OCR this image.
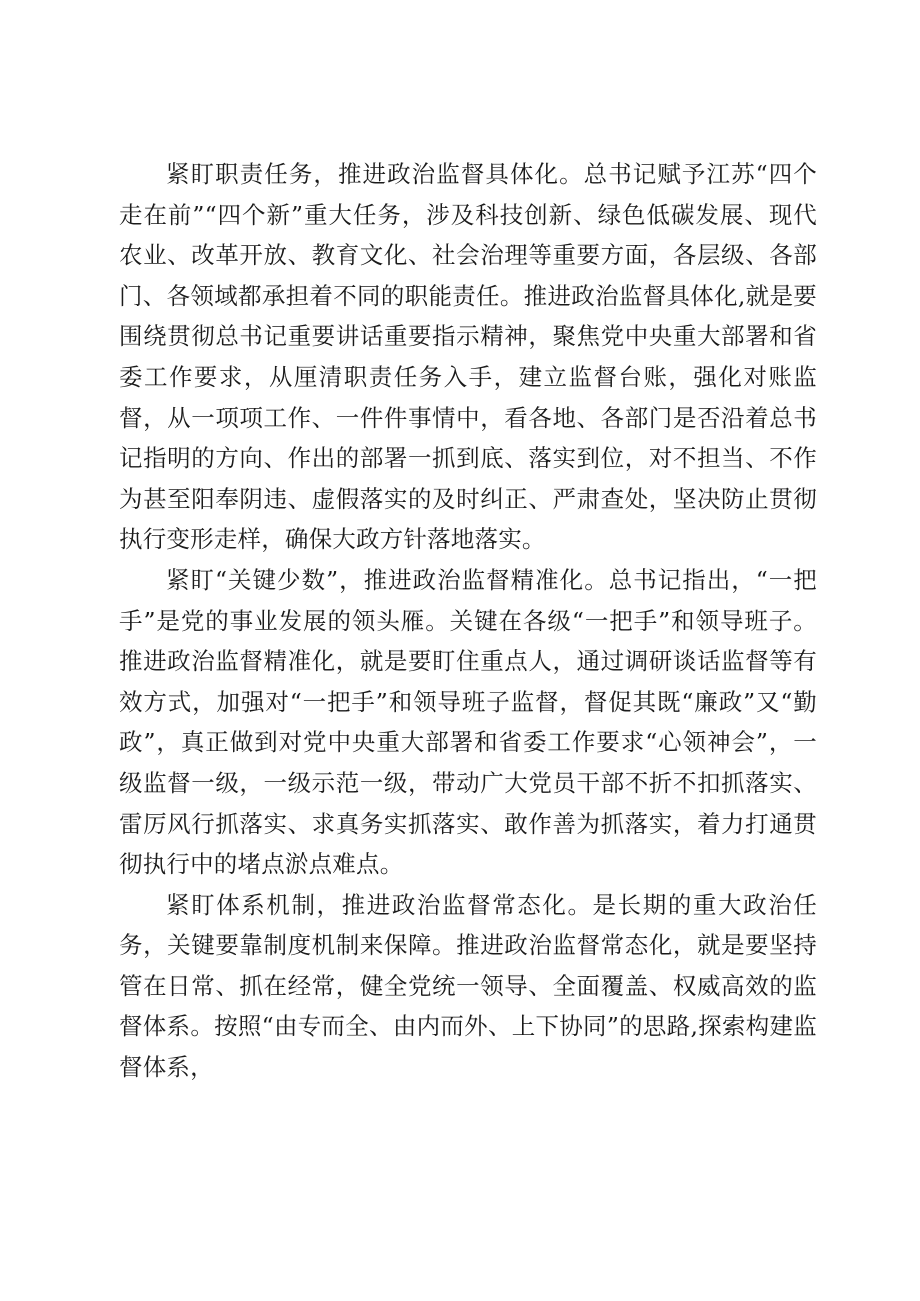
紧盯职责任务，推进政治监督具体化。总书记赋予江苏“四个走在前”“四个新”重大任务，涉及科技创新、绿色低碳发展、现代农业、改革开放、教育文化、社会治理等重要方面，各层级、各部门、各领域都承担着不同的职能责任。推进政治监督具体化,就是要围绕贯彻总书记重要讲话重要指示精神，聚焦党中央重大部署和省委工作要求，从厘清职责任务入手，建立监督台账，强化对账监督，从一项项工作、一件件事情中，看各地、各部门是否沿着总书记指明的方向、作出的部署一抓到底、落实到位，对不担当、不作为甚至阳奉阴违、虚假落实的及时纠正、严肃查处，坚决防止贯彻执行变形走样，确保大政方针落地落实。

紧盯“关键少数”，推进政治监督精准化。总书记指出，“一把手”是党的事业发展的领头雁。关键在各级“一把手”和领导班子。推进政治监督精准化，就是要盯住重点人，通过调研谈话监督等有效方式，加强对“一把手”和领导班子监督，督促其既“廉政”又“勤政”，真正做到对党中央重大部署和省委工作要求“心领神会”，一级监督一级，一级示范一级，带动广大党员干部不折不扣抓落实、雷厉风行抓落实、求真务实抓落实、敢作善为抓落实，着力打通贯彻执行中的堵点淤点难点。

紧盯体系机制，推进政治监督常态化。是长期的重大政治任务，关键要靠制度机制来保障。推进政治监督常态化，就是要坚持管在日常、抓在经常，健全党统一领导、全面覆盖、权威高效的监督体系。按照“由专而全、由内而外、上下协同”的思路,探索构建监督体系，
